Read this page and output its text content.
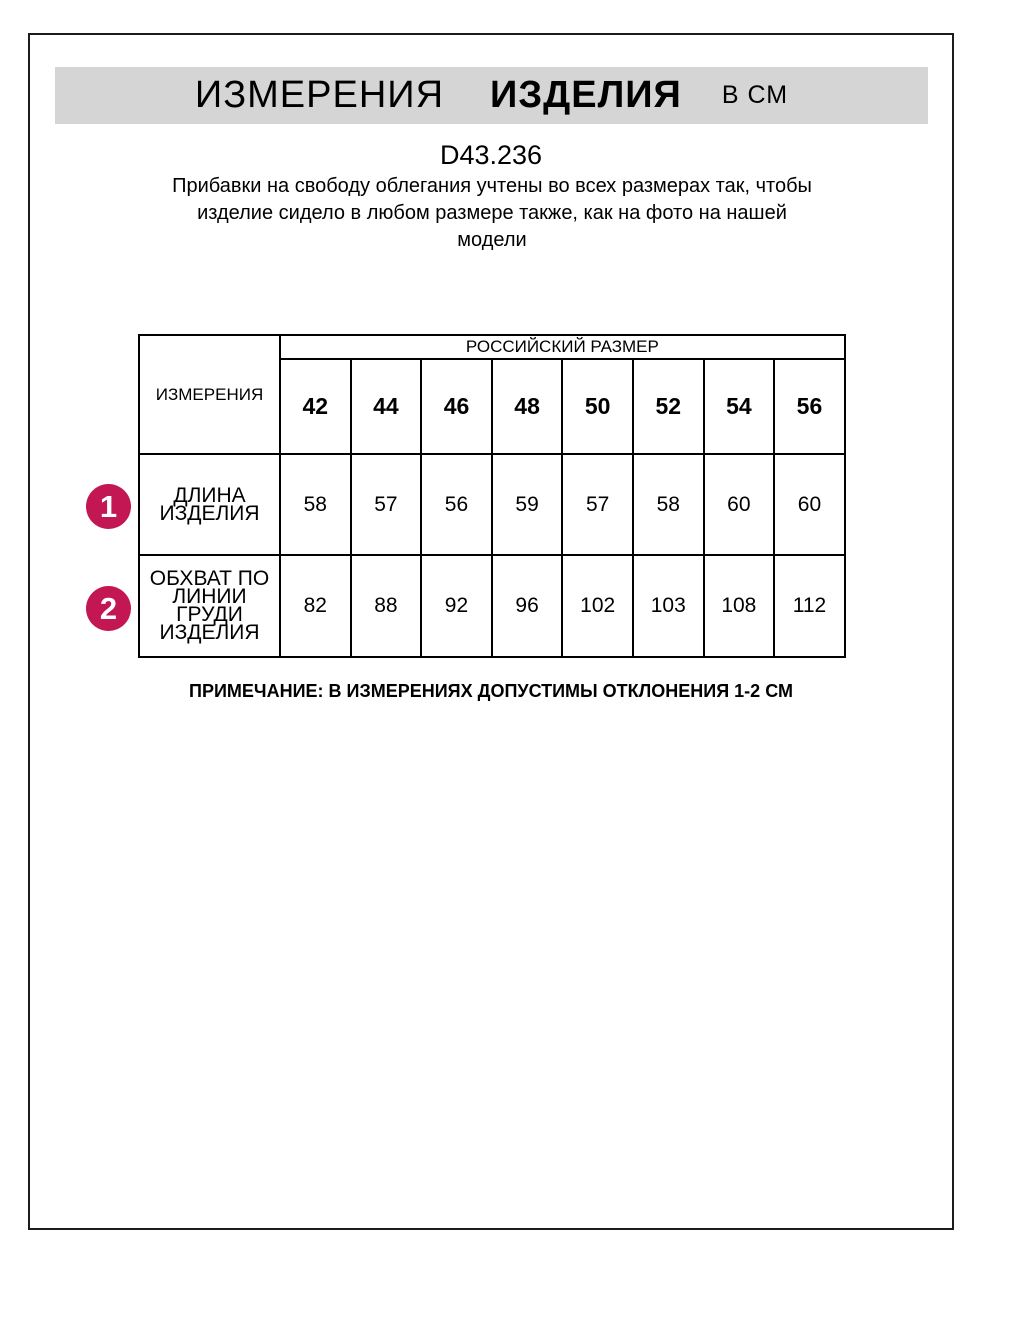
ИЗМЕРЕНИЯ ИЗДЕЛИЯ В СМ
D43.236
Прибавки на свободу облегания учтены во всех размерах так, чтобы
изделие сидело в любом размере также, как на фото на нашей
модели
ИЗМЕРЕНИЯ	РОССИЙСКИЙ РАЗМЕР							
	42	44	46	48	50	52	54	56
ДЛИНА ИЗДЕЛИЯ	58	57	56	59	57	58	60	60
ОБХВАТ ПО ЛИНИИ ГРУДИ ИЗДЕЛИЯ	82	88	92	96	102	103	108	112
1
2
ПРИМЕЧАНИЕ: В ИЗМЕРЕНИЯХ ДОПУСТИМЫ ОТКЛОНЕНИЯ 1-2 СМ
